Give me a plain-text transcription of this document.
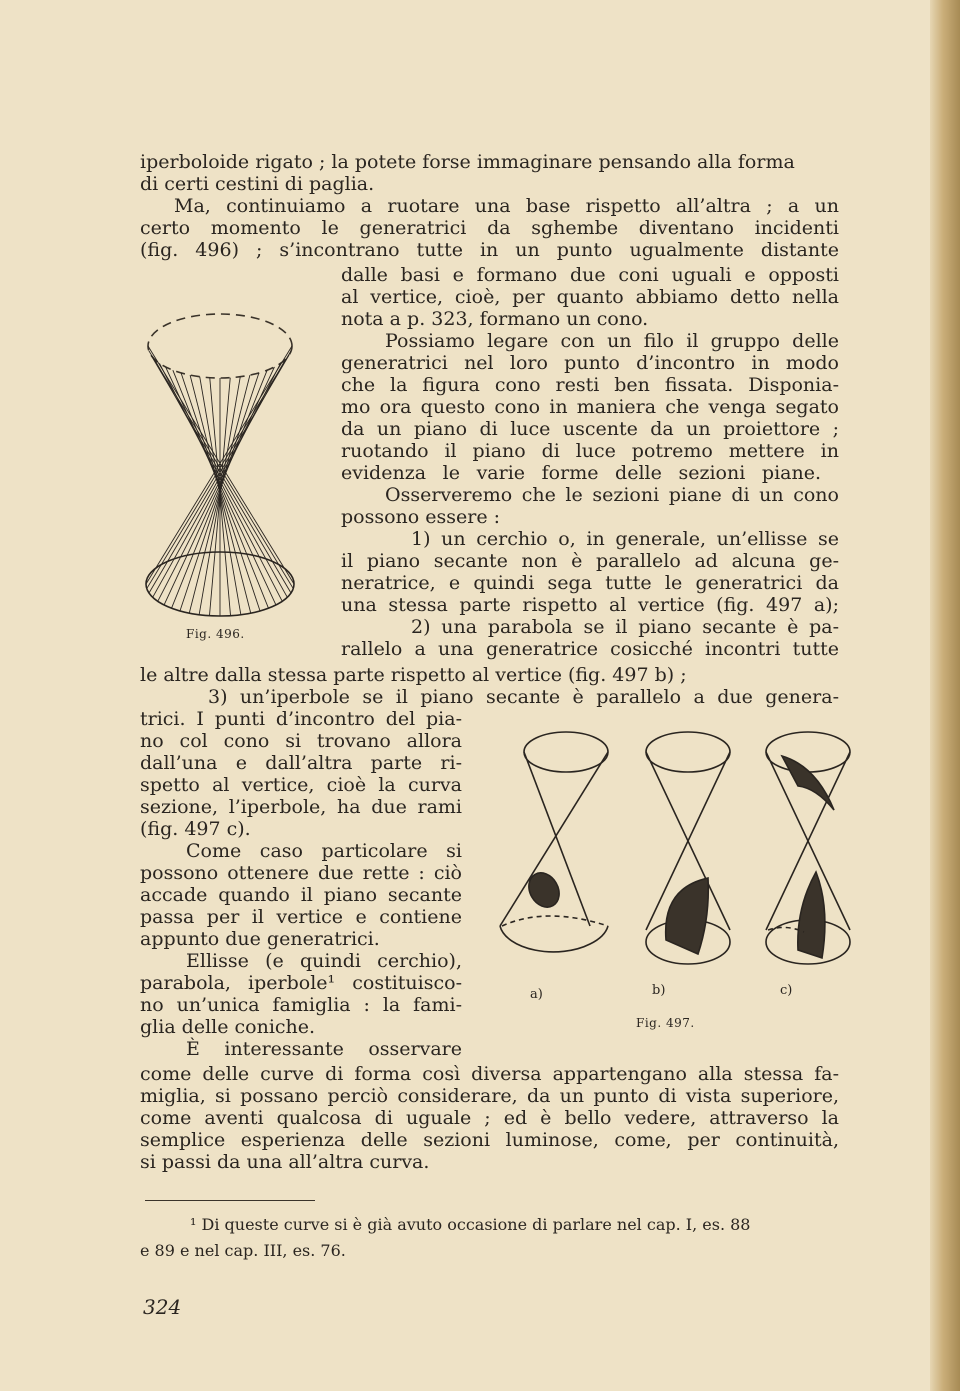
iperboloide rigato ; la potete forse immaginare pensando alla forma
di certi cestini di paglia.
Ma, continuiamo a ruotare una base rispetto all’altra ; a un
certo momento le generatrici da sghembe diventano incidenti
(fig. 496) ; s’incontrano tutte in un punto ugualmente distante
dalle basi e formano due coni uguali e opposti
al vertice, cioè, per quanto abbiamo detto nella
nota a p. 323, formano un cono.
Possiamo legare con un filo il gruppo delle
generatrici nel loro punto d’incontro in modo
che la figura cono resti ben fissata. Disponia-
mo ora questo cono in maniera che venga segato
da un piano di luce uscente da un proiettore ;
ruotando il piano di luce potremo mettere in
evidenza le varie forme delle sezioni piane.
Osserveremo che le sezioni piane di un cono
possono essere :
1) un cerchio o, in generale, un’ellisse se
il piano secante non è parallelo ad alcuna ge-
neratrice, e quindi sega tutte le generatrici da
una stessa parte rispetto al vertice (fig. 497 a);
2) una parabola se il piano secante è pa-
rallelo a una generatrice cosicché incontri tutte
Fig. 496.
le altre dalla stessa parte rispetto al vertice (fig. 497 b) ;
3) un’iperbole se il piano secante è parallelo a due genera-
trici. I punti d’incontro del pia-
no col cono si trovano allora
dall’una e dall’altra parte ri-
spetto al vertice, cioè la curva
sezione, l’iperbole, ha due rami
(fig. 497 c).
Come caso particolare si
possono ottenere due rette : ciò
accade quando il piano secante
passa per il vertice e contiene
appunto due generatrici.
Ellisse (e quindi cerchio),
parabola, iperbole¹ costituisco-
no un’unica famiglia : la fami-
glia delle coniche.
È interessante osservare
a)	b)	c)
Fig. 497.
come delle curve di forma così diversa appartengano alla stessa fa-
miglia, si possano perciò considerare, da un punto di vista superiore,
come aventi qualcosa di uguale ; ed è bello vedere, attraverso la
semplice esperienza delle sezioni luminose, come, per continuità,
si passi da una all’altra curva.
¹ Di queste curve si è già avuto occasione di parlare nel cap. I, es. 88
e 89 e nel cap. III, es. 76.
324
